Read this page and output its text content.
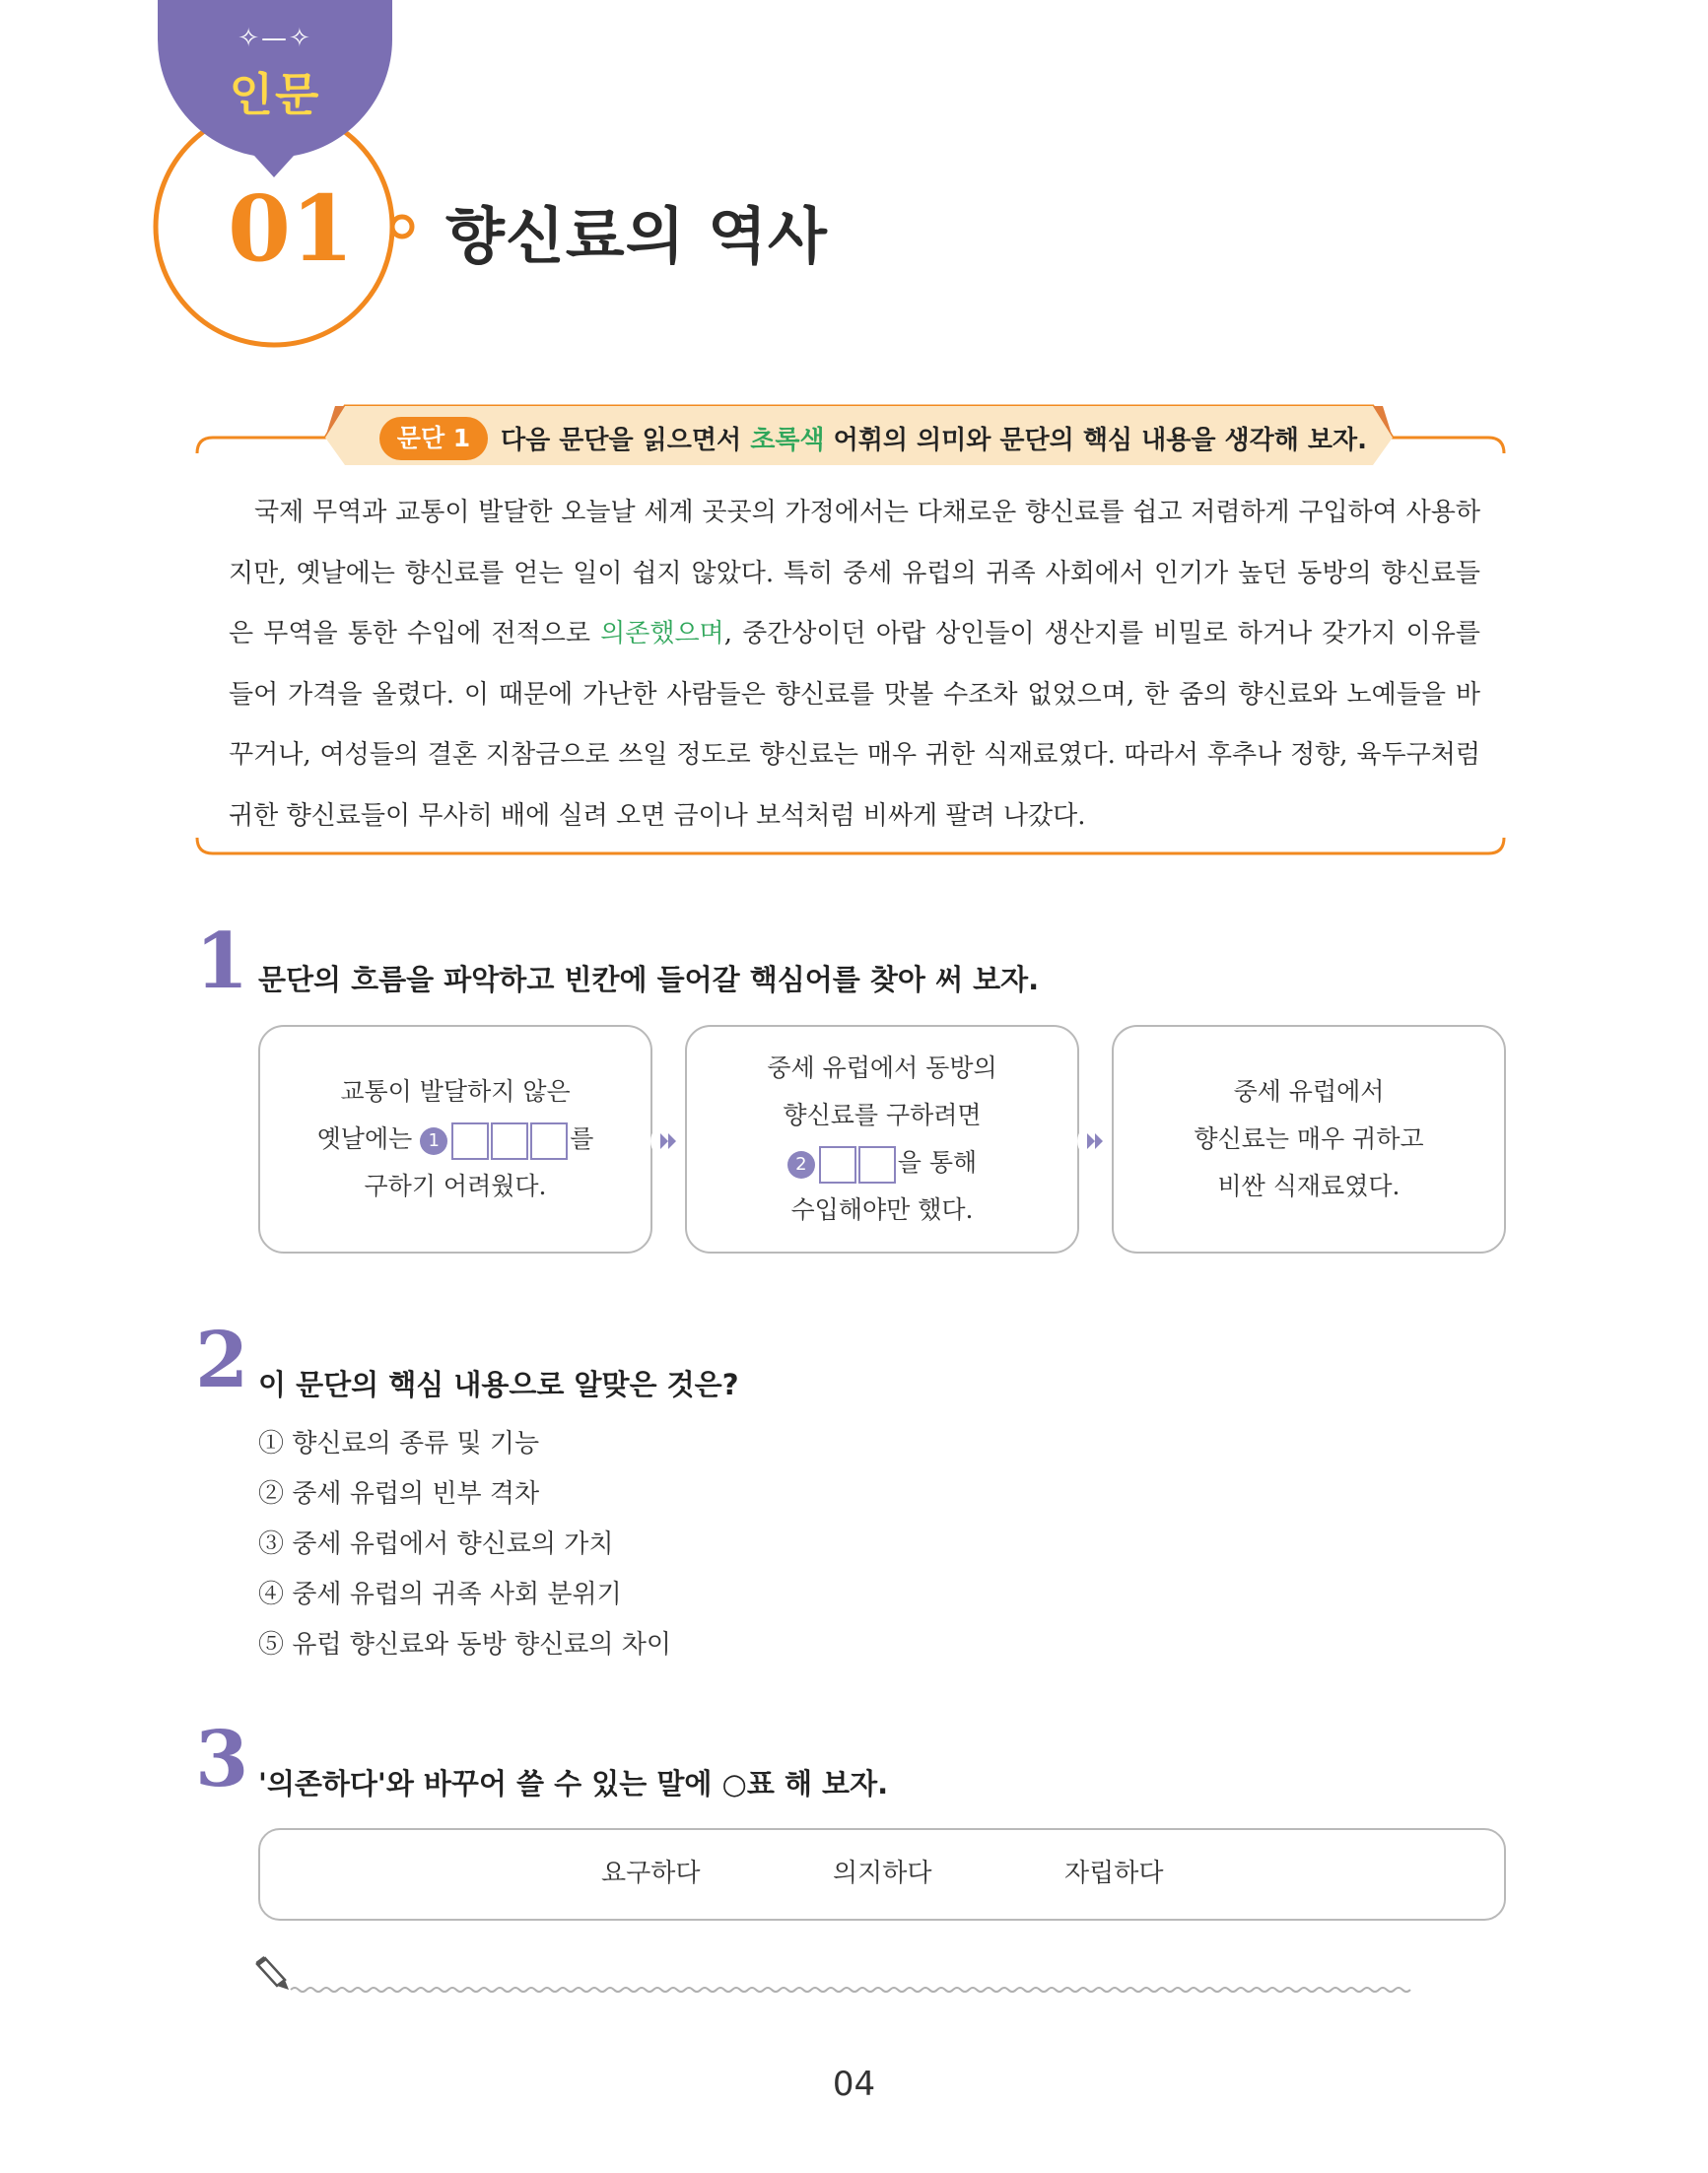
✧—✧
인문
01	향신료의 역사
문단 1	다음 문단을 읽으면서 초록색 어휘의 의미와 문단의 핵심 내용을 생각해 보자.
국제 무역과 교통이 발달한 오늘날 세계 곳곳의 가정에서는 다채로운 향신료를 쉽고 저렴하게 구입하여 사용하지만, 옛날에는 향신료를 얻는 일이 쉽지 않았다. 특히 중세 유럽의 귀족 사회에서 인기가 높던 동방의 향신료들은 무역을 통한 수입에 전적으로 의존했으며, 중간상이던 아랍 상인들이 생산지를 비밀로 하거나 갖가지 이유를 들어 가격을 올렸다. 이 때문에 가난한 사람들은 향신료를 맛볼 수조차 없었으며, 한 줌의 향신료와 노예들을 바꾸거나, 여성들의 결혼 지참금으로 쓰일 정도로 향신료는 매우 귀한 식재료였다. 따라서 후추나 정향, 육두구처럼 귀한 향신료들이 무사히 배에 실려 오면 금이나 보석처럼 비싸게 팔려 나갔다.
1 문단의 흐름을 파악하고 빈칸에 들어갈 핵심어를 찾아 써 보자.
교통이 발달하지 않은
옛날에는 1	를
구하기 어려웠다.
중세 유럽에서 동방의
향신료를 구하려면
2	을 통해
수입해야만 했다.
중세 유럽에서
향신료는 매우 귀하고
비싼 식재료였다.
2 이 문단의 핵심 내용으로 알맞은 것은?
① 향신료의 종류 및 기능
② 중세 유럽의 빈부 격차
③ 중세 유럽에서 향신료의 가치
④ 중세 유럽의 귀족 사회 분위기
⑤ 유럽 향신료와 동방 향신료의 차이
3 '의존하다'와 바꾸어 쓸 수 있는 말에 ○표 해 보자.
요구하다	의지하다	자립하다
04
